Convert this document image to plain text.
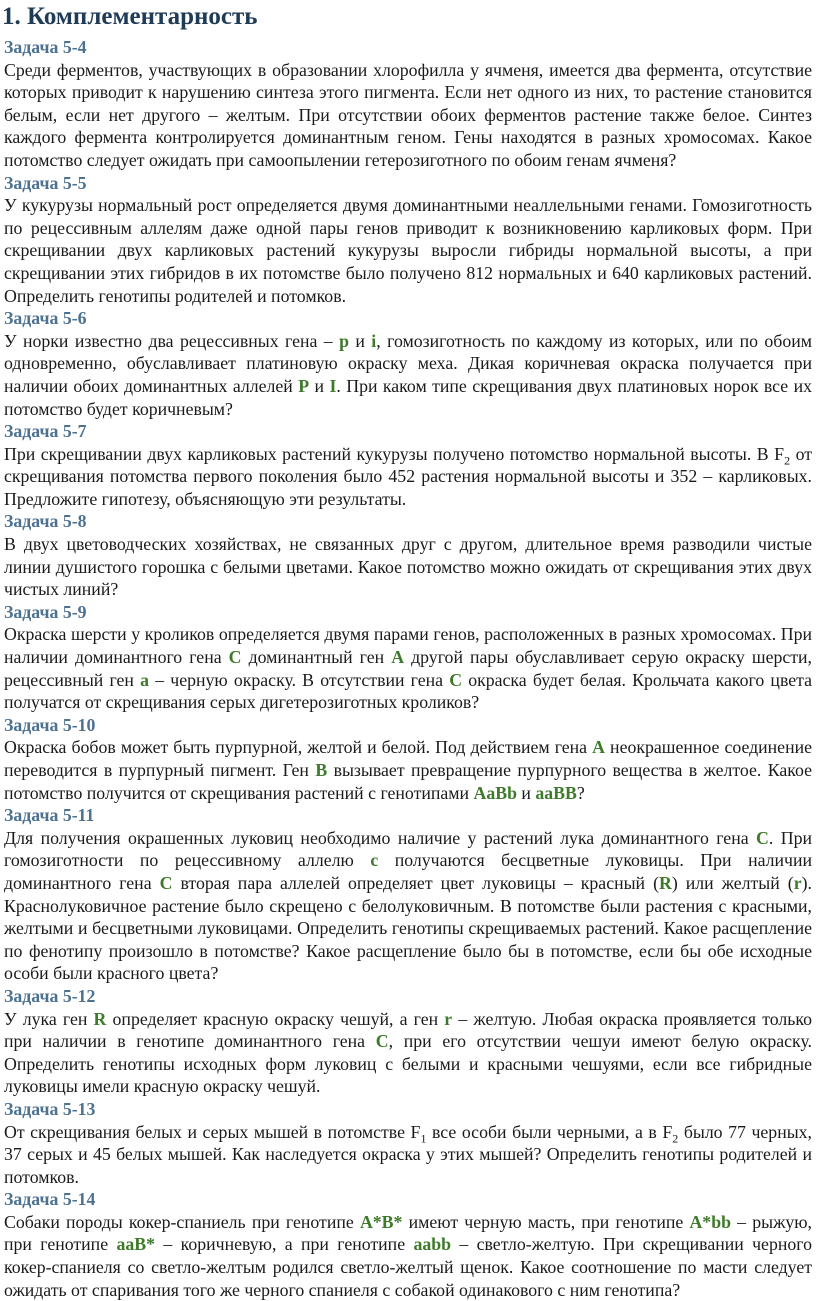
1. Комплементарность

Задача 5-4

Среди ферментов, участвующих в образовании хлорофилла у ячменя, имеется два фермента, отсутствие которых приводит к нарушению синтеза этого пигмента. Если нет одного из них, то растение становится белым, если нет другого – желтым. При отсутствии обоих ферментов растение также белое. Синтез каждого фермента контролируется доминантным геном. Гены находятся в разных хромосомах. Какое потомство следует ожидать при самоопылении гетерозиготного по обоим генам ячменя?

Задача 5-5

У кукурузы нормальный рост определяется двумя доминантными неаллельными генами. Гомозиготность по рецессивным аллелям даже одной пары генов приводит к возникновению карликовых форм. При скрещивании двух карликовых растений кукурузы выросли гибриды нормальной высоты, а при скрещивании этих гибридов в их потомстве было получено 812 нормальных и 640 карликовых растений. Определить генотипы родителей и потомков.

Задача 5-6

У норки известно два рецессивных гена – p и i, гомозиготность по каждому из которых, или по обоим одновременно, обуславливает платиновую окраску меха. Дикая коричневая окраска получается при наличии обоих доминантных аллелей P и I. При каком типе скрещивания двух платиновых норок все их потомство будет коричневым?

Задача 5-7

При скрещивании двух карликовых растений кукурузы получено потомство нормальной высоты. В $F_2$ от скрещивания потомства первого поколения было 452 растения нормальной высоты и 352 – карликовых. Предложите гипотезу, объясняющую эти результаты.

Задача 5-8

В двух цветоводческих хозяйствах, не связанных друг с другом, длительное время разводили чистые линии душистого горошка с белыми цветами. Какое потомство можно ожидать от скрещивания этих двух чистых линий?

Задача 5-9

Окраска шерсти у кроликов определяется двумя парами генов, расположенных в разных хромосомах. При наличии доминантного гена C доминантный ген A другой пары обуславливает серую окраску шерсти, рецессивный ген a – черную окраску. В отсутствии гена C окраска будет белая. Крольчата какого цвета получатся от скрещивания серых дигетерозиготных кроликов?

Задача 5-10

Окраска бобов может быть пурпурной, желтой и белой. Под действием гена A неокрашенное соединение переводится в пурпурный пигмент. Ген B вызывает превращение пурпурного вещества в желтое. Какое потомство получится от скрещивания растений с генотипами AaBb и aaBB?

Задача 5-11

Для получения окрашенных луковиц необходимо наличие у растений лука доминантного гена C. При гомозиготности по рецессивному аллелю c получаются бесцветные луковицы. При наличии доминантного гена C вторая пара аллелей определяет цвет луковицы – красный (R) или желтый (r). Краснолуковичное растение было скрещено с белолуковичным. В потомстве были растения с красными, желтыми и бесцветными луковицами. Определить генотипы скрещиваемых растений. Какое расщепление по фенотипу произошло в потомстве? Какое расщепление было бы в потомстве, если бы обе исходные особи были красного цвета?

Задача 5-12

У лука ген R определяет красную окраску чешуй, а ген r – желтую. Любая окраска проявляется только при наличии в генотипе доминантного гена C, при его отсутствии чешуи имеют белую окраску. Определить генотипы исходных форм луковиц с белыми и красными чешуями, если все гибридные луковицы имели красную окраску чешуй.

Задача 5-13

От скрещивания белых и серых мышей в потомстве $F_1$ все особи были черными, а в $F_2$ было 77 черных, 37 серых и 45 белых мышей. Как наследуется окраска у этих мышей? Определить генотипы родителей и потомков.

Задача 5-14

Собаки породы кокер-спаниель при генотипе A*B* имеют черную масть, при генотипе A*bb – рыжую, при генотипе aaB* – коричневую, а при генотипе aabb – светло-желтую. При скрещивании черного кокер-спаниеля со светло-желтым родился светло-желтый щенок. Какое соотношение по масти следует ожидать от спаривания того же черного спаниеля с собакой одинакового с ним генотипа?
